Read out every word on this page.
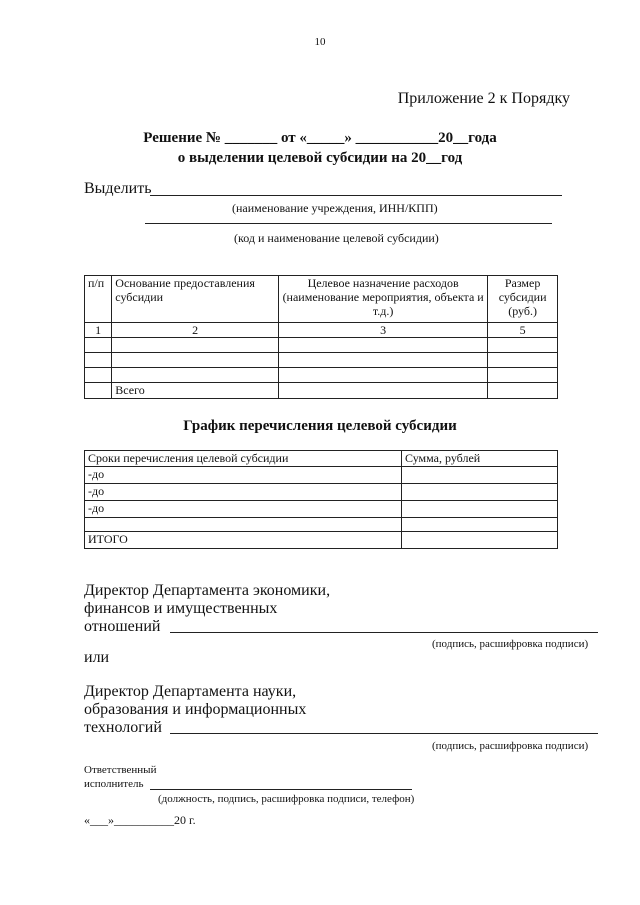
10
Приложение 2 к Порядку
Решение № _______ от «_____» ___________20__года
о выделении целевой субсидии на 20__год
Выделить
(наименование учреждения, ИНН/КПП)
(код и наименование целевой субсидии)
п/п	Основание предоставления субсидии	Целевое назначение расходов (наименование мероприятия, объекта и т.д.)	Размер субсидии (руб.)
1	2	3	5

	Всего		
График перечисления целевой субсидии
Сроки перечисления целевой субсидии	Сумма, рублей
-до	
-до	
-до	

ИТОГО	
Директор Департамента экономики,
финансов и имущественных
отношений
(подпись, расшифровка подписи)
или
Директор Департамента науки,
образования и информационных
технологий
(подпись, расшифровка подписи)
Ответственный
исполнитель
(должность, подпись, расшифровка подписи, телефон)
«___»__________20 г.
